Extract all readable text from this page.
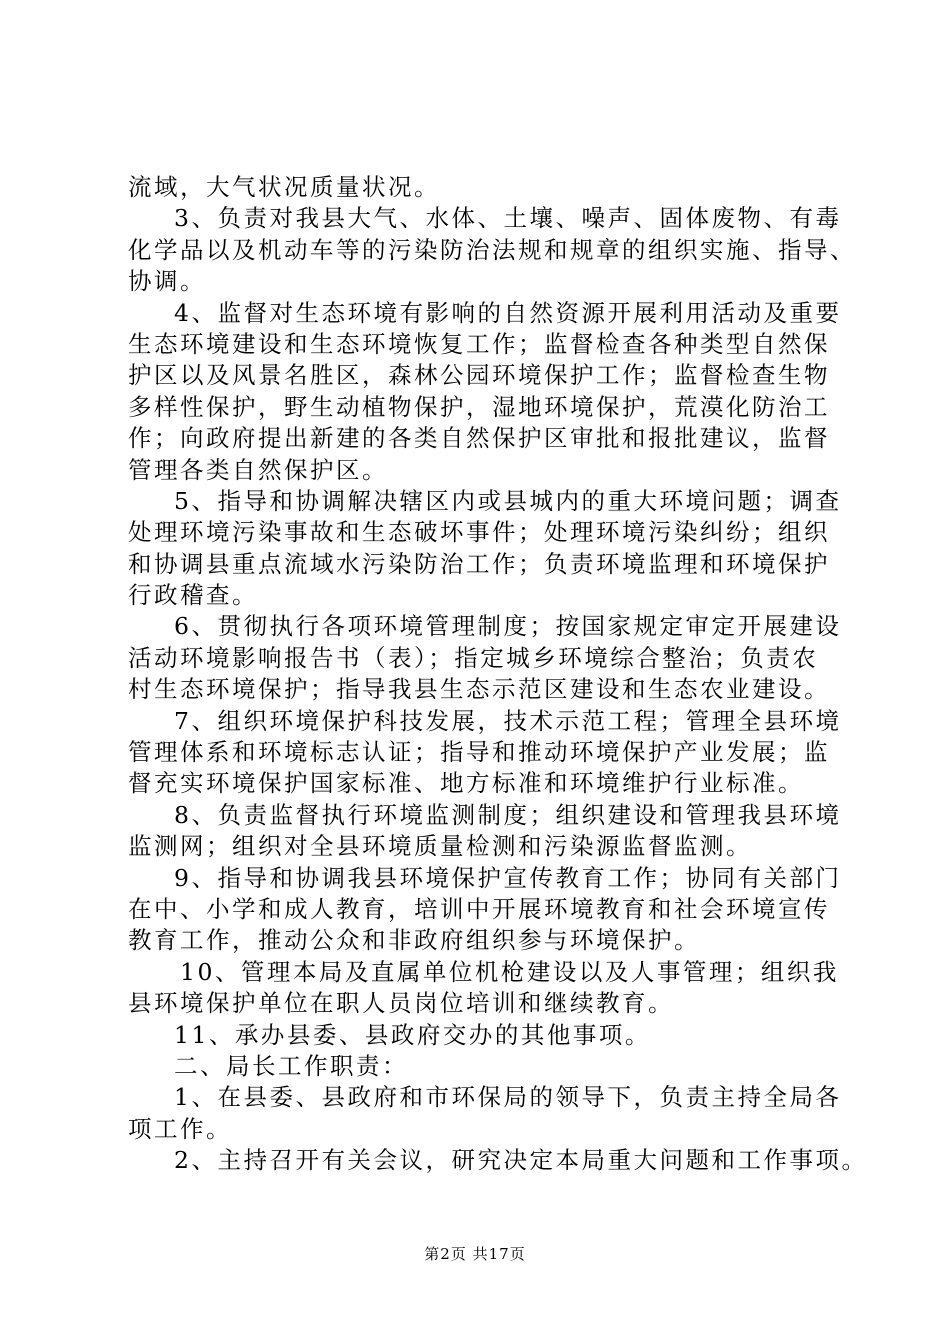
流域，大气状况质量状况。
3、负责对我县大气、水体、土壤、噪声、固体废物、有毒
化学品以及机动车等的污染防治法规和规章的组织实施、指导、
协调。
4、监督对生态环境有影响的自然资源开展利用活动及重要
生态环境建设和生态环境恢复工作；监督检查各种类型自然保
护区以及风景名胜区，森林公园环境保护工作；监督检查生物
多样性保护，野生动植物保护，湿地环境保护，荒漠化防治工
作；向政府提出新建的各类自然保护区审批和报批建议，监督
管理各类自然保护区。
5、指导和协调解决辖区内或县城内的重大环境问题；调查
处理环境污染事故和生态破坏事件；处理环境污染纠纷；组织
和协调县重点流域水污染防治工作；负责环境监理和环境保护
行政稽查。
6、贯彻执行各项环境管理制度；按国家规定审定开展建设
活动环境影响报告书（表）；指定城乡环境综合整治；负责农
村生态环境保护；指导我县生态示范区建设和生态农业建设。
7、组织环境保护科技发展，技术示范工程；管理全县环境
管理体系和环境标志认证；指导和推动环境保护产业发展；监
督充实环境保护国家标准、地方标准和环境维护行业标准。
8、负责监督执行环境监测制度；组织建设和管理我县环境
监测网；组织对全县环境质量检测和污染源监督监测。
9、指导和协调我县环境保护宣传教育工作；协同有关部门
在中、小学和成人教育，培训中开展环境教育和社会环境宣传
教育工作，推动公众和非政府组织参与环境保护。
10、管理本局及直属单位机枪建设以及人事管理；组织我
县环境保护单位在职人员岗位培训和继续教育。
11、承办县委、县政府交办的其他事项。
二、局长工作职责：
1、在县委、县政府和市环保局的领导下，负责主持全局各
项工作。
2、主持召开有关会议，研究决定本局重大问题和工作事项。
第2页 共17页
